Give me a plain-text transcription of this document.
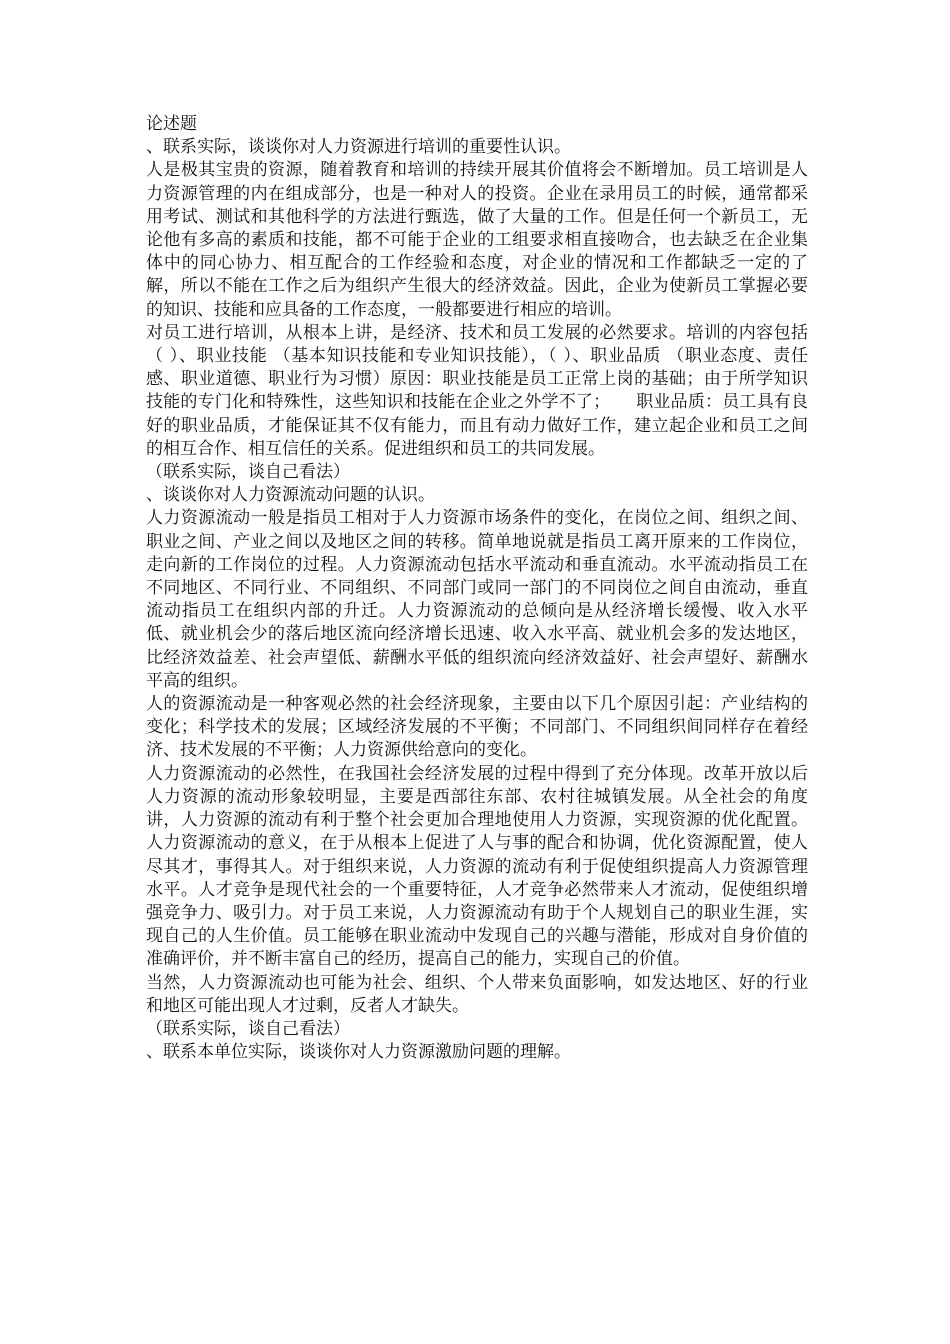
论述题

、联系实际，谈谈你对人力资源进行培训的重要性认识。

人是极其宝贵的资源，随着教育和培训的持续开展其价值将会不断增加。员工培训是人力资源管理的内在组成部分，也是一种对人的投资。企业在录用员工的时候，通常都采用考试、测试和其他科学的方法进行甄选，做了大量的工作。但是任何一个新员工，无论他有多高的素质和技能，都不可能于企业的工组要求相直接吻合，也去缺乏在企业集体中的同心协力、相互配合的工作经验和态度，对企业的情况和工作都缺乏一定的了解，所以不能在工作之后为组织产生很大的经济效益。因此，企业为使新员工掌握必要的知识、技能和应具备的工作态度，一般都要进行相应的培训。

对员工进行培训，从根本上讲，是经济、技术和员工发展的必然要求。培训的内容包括（ ）、职业技能 （基本知识技能和专业知识技能），（ ）、职业品质 （职业态度、责任感、职业道德、职业行为习惯）原因：职业技能是员工正常上岗的基础；由于所学知识技能的专门化和特殊性，这些知识和技能在企业之外学不了；　　职业品质：员工具有良好的职业品质，才能保证其不仅有能力，而且有动力做好工作，建立起企业和员工之间的相互合作、相互信任的关系。促进组织和员工的共同发展。

（联系实际，谈自己看法）

、谈谈你对人力资源流动问题的认识。

人力资源流动一般是指员工相对于人力资源市场条件的变化，在岗位之间、组织之间、职业之间、产业之间以及地区之间的转移。简单地说就是指员工离开原来的工作岗位，走向新的工作岗位的过程。人力资源流动包括水平流动和垂直流动。水平流动指员工在不同地区、不同行业、不同组织、不同部门或同一部门的不同岗位之间自由流动，垂直流动指员工在组织内部的升迁。人力资源流动的总倾向是从经济增长缓慢、收入水平低、就业机会少的落后地区流向经济增长迅速、收入水平高、就业机会多的发达地区，比经济效益差、社会声望低、薪酬水平低的组织流向经济效益好、社会声望好、薪酬水平高的组织。

人的资源流动是一种客观必然的社会经济现象，主要由以下几个原因引起：产业结构的变化；科学技术的发展；区域经济发展的不平衡；不同部门、不同组织间同样存在着经济、技术发展的不平衡；人力资源供给意向的变化。

人力资源流动的必然性，在我国社会经济发展的过程中得到了充分体现。改革开放以后人力资源的流动形象较明显，主要是西部往东部、农村往城镇发展。从全社会的角度讲，人力资源的流动有利于整个社会更加合理地使用人力资源，实现资源的优化配置。人力资源流动的意义，在于从根本上促进了人与事的配合和协调，优化资源配置，使人尽其才，事得其人。对于组织来说，人力资源的流动有利于促使组织提高人力资源管理水平。人才竞争是现代社会的一个重要特征，人才竞争必然带来人才流动，促使组织增强竞争力、吸引力。对于员工来说，人力资源流动有助于个人规划自己的职业生涯，实现自己的人生价值。员工能够在职业流动中发现自己的兴趣与潜能，形成对自身价值的准确评价，并不断丰富自己的经历，提高自己的能力，实现自己的价值。

当然，人力资源流动也可能为社会、组织、个人带来负面影响，如发达地区、好的行业和地区可能出现人才过剩，反者人才缺失。

（联系实际，谈自己看法）

、联系本单位实际，谈谈你对人力资源激励问题的理解。
